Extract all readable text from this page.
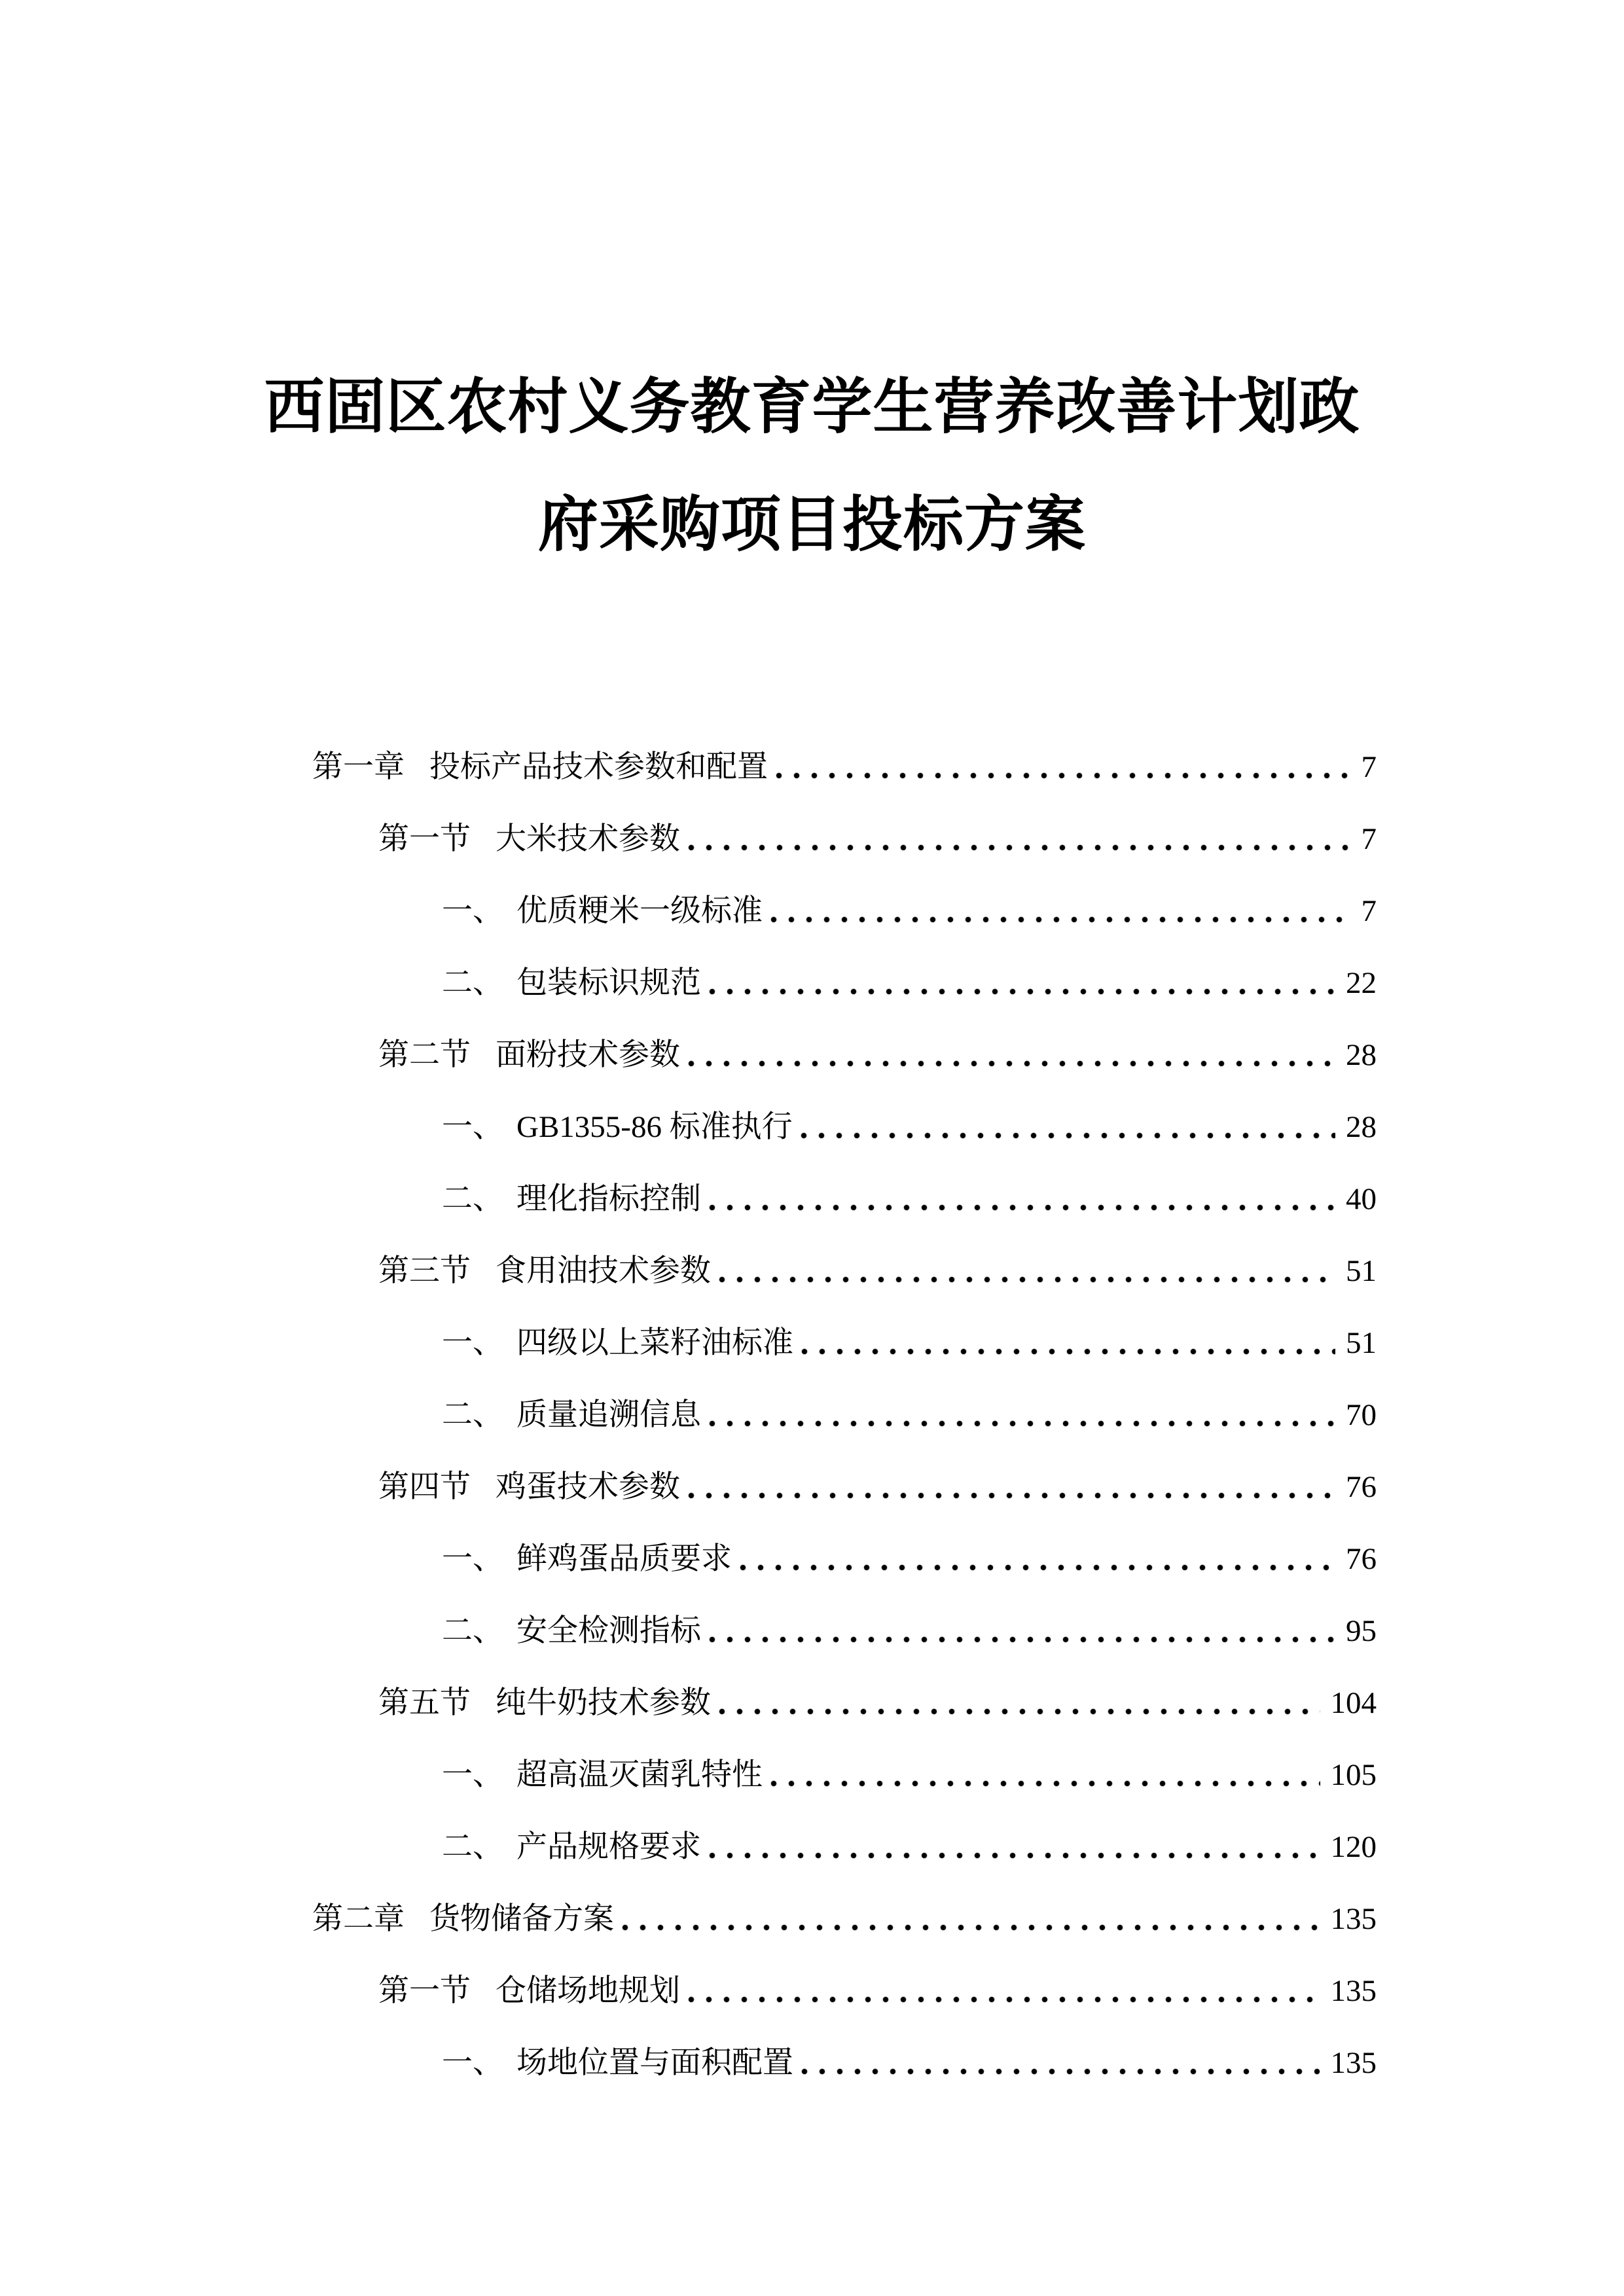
西固区农村义务教育学生营养改善计划政
府采购项目投标方案
第一章 投标产品技术参数和配置	7
第一节 大米技术参数	7
一、 优质粳米一级标准	7
二、 包装标识规范	22
第二节 面粉技术参数	28
一、 GB1355-86 标准执行	28
二、 理化指标控制	40
第三节 食用油技术参数	51
一、 四级以上菜籽油标准	51
二、 质量追溯信息	70
第四节 鸡蛋技术参数	76
一、 鲜鸡蛋品质要求	76
二、 安全检测指标	95
第五节 纯牛奶技术参数	104
一、 超高温灭菌乳特性	105
二、 产品规格要求	120
第二章 货物储备方案	135
第一节 仓储场地规划	135
一、 场地位置与面积配置	135
